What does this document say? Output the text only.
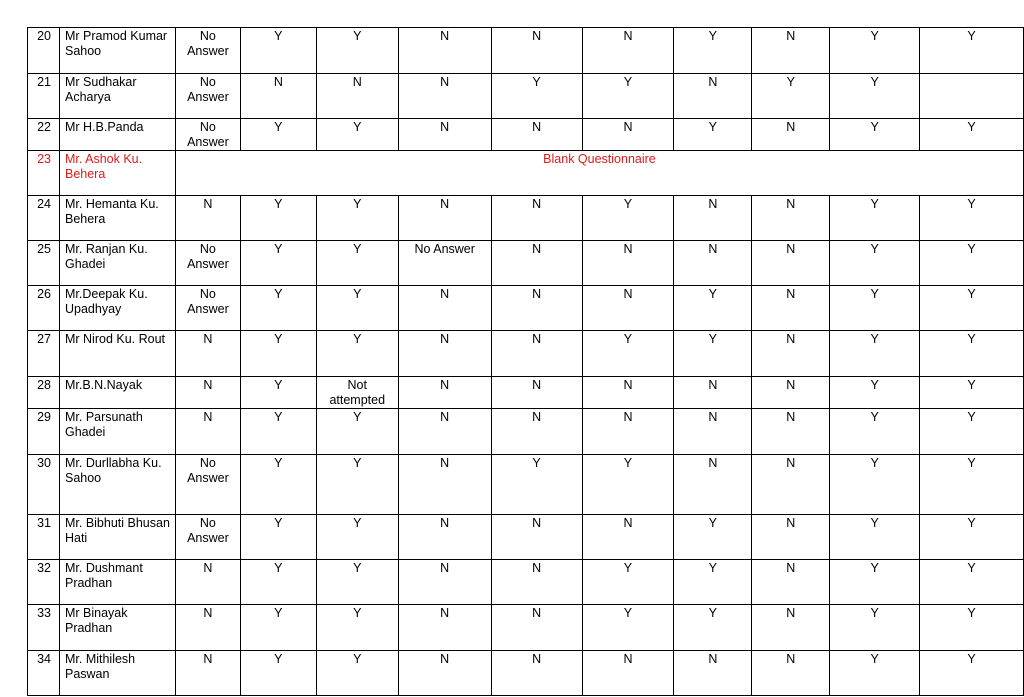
20	Mr Pramod Kumar Sahoo	No Answer	Y	Y	N	N	N	Y	N	Y	Y
21	Mr Sudhakar Acharya	No Answer	N	N	N	Y	Y	N	Y	Y	
22	Mr H.B.Panda	No Answer	Y	Y	N	N	N	Y	N	Y	Y
23	Mr. Ashok Ku. Behera	Blank Questionnaire									
24	Mr. Hemanta Ku. Behera	N	Y	Y	N	N	Y	N	N	Y	Y
25	Mr. Ranjan Ku. Ghadei	No Answer	Y	Y	No Answer	N	N	N	N	Y	Y
26	Mr.Deepak Ku. Upadhyay	No Answer	Y	Y	N	N	N	Y	N	Y	Y
27	Mr Nirod Ku. Rout	N	Y	Y	N	N	Y	Y	N	Y	Y
28	Mr.B.N.Nayak	N	Y	Not attempted	N	N	N	N	N	Y	Y
29	Mr. Parsunath Ghadei	N	Y	Y	N	N	N	N	N	Y	Y
30	Mr. Durllabha Ku. Sahoo	No Answer	Y	Y	N	Y	Y	N	N	Y	Y
31	Mr. Bibhuti Bhusan Hati	No Answer	Y	Y	N	N	N	Y	N	Y	Y
32	Mr. Dushmant Pradhan	N	Y	Y	N	N	Y	Y	N	Y	Y
33	Mr Binayak Pradhan	N	Y	Y	N	N	Y	Y	N	Y	Y
34	Mr. Mithilesh Paswan	N	Y	Y	N	N	N	N	N	Y	Y
